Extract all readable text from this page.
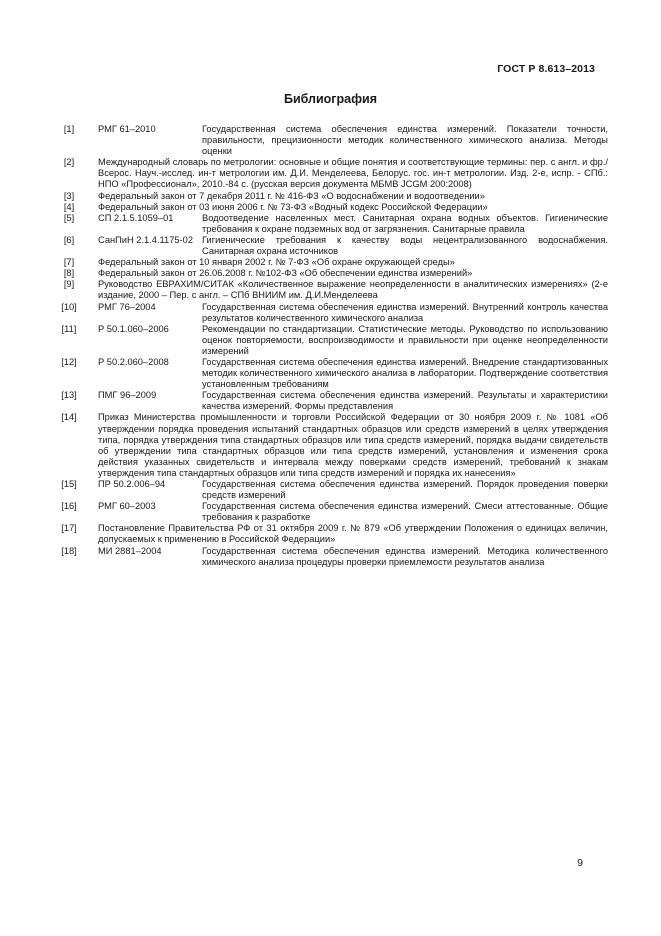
ГОСТ Р 8.613–2013
Библиография
[1]	РМГ 61–2010	Государственная система обеспечения единства измерений. Показатели точности, правильности, прецизионности методик количественного химического анализа. Методы оценки
[2]	Международный словарь по метрологии: основные и общие понятия и соответствующие термины: пер. с англ. и фр./Всерос. Науч.-исслед. ин-т метрологии им. Д.И. Менделеева, Белорус. гос. ин-т метрологии. Изд. 2-е, испр. - СПб.: НПО «Профессионал», 2010.-84 с. (русская версия документа МБМВ JCGM 200:2008)
[3]	Федеральный закон от 7 декабря 2011 г. № 416-ФЗ «О водоснабжении и водоотведении»
[4]	Федеральный закон от 03 июня 2006 г. № 73-ФЗ «Водный кодекс Российской Федерации»
[5]	СП 2.1.5.1059–01	Водоотведение населенных мест. Санитарная охрана водных объектов. Гигиенические требования к охране подземных вод от загрязнения. Санитарные правила
[6]	СанПиН 2.1.4.1175-02 Гигиенические требования к качеству воды нецентрализованного водоснабжения. Санитарная охрана источников
[7]	Федеральный закон от 10 января 2002 г. № 7-ФЗ «Об охране окружающей среды»
[8]	Федеральный закон от 26.06.2008 г. №102-ФЗ «Об обеспечении единства измерений»
[9]	Руководство ЕВРАХИМ/СИТАК «Количественное выражение неопределенности в аналитических измерениях» (2-е издание, 2000 – Пер. с англ. – СПб ВНИИМ им. Д.И.Менделеева
[10]	РМГ 76–2004	Государственная система обеспечения единства измерений. Внутренний контроль качества результатов количественного химического анализа
[11]	Р 50.1.060–2006	Рекомендации по стандартизации. Статистические методы. Руководство по использованию оценок повторяемости, воспроизводимости и правильности при оценке неопределенности измерений
[12]	Р 50.2.060–2008	Государственная система обеспечения единства измерений. Внедрение стандартизованных методик количественного химического анализа в лаборатории. Подтверждение соответствия установленным требованиям
[13]	ПМГ 96–2009	Государственная система обеспечения единства измерений. Результаты и характеристики качества измерений. Формы представления
[14]	Приказ Министерства промышленности и торговли Российской Федерации от 30 ноября 2009 г. № 1081 «Об утверждении порядка проведения испытаний стандартных образцов или средств измерений в целях утверждения типа, порядка утверждения типа стандартных образцов или типа средств измерений, порядка выдачи свидетельств об утверждении типа стандартных образцов или типа средств измерений, установления и изменения срока действия указанных свидетельств и интервала между поверками средств измерений, требований к знакам утверждения типа стандартных образцов или типа средств измерений и порядка их нанесения»
[15]	ПР 50.2.006–94	Государственная система обеспечения единства измерений. Порядок проведения поверки средств измерений
[16]	РМГ 60–2003	Государственная система обеспечения единства измерений. Смеси аттестованные. Общие требования к разработке
[17]	Постановление Правительства РФ от 31 октября 2009 г. № 879 «Об утверждении Положения о единицах величин, допускаемых к применению в Российской Федерации»
[18]	МИ 2881–2004	Государственная система обеспечения единства измерений. Методика количественного химического анализа процедуры проверки приемлемости результатов анализа
9
